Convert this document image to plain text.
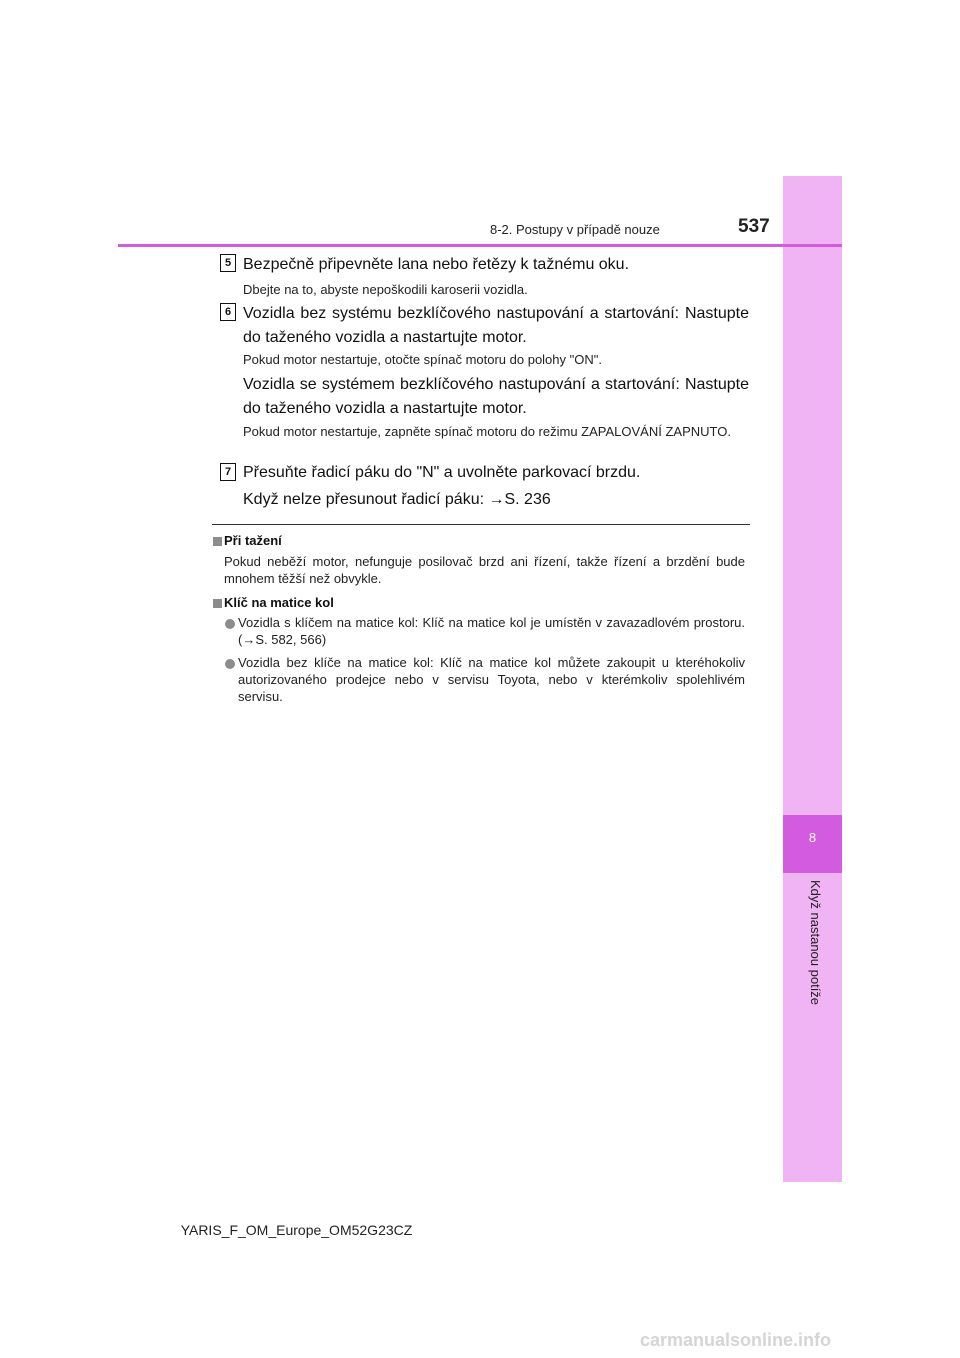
8
Když nastanou potíže
8-2. Postupy v případě nouze	537
5 Bezpečně připevněte lana nebo řetězy k tažnému oku.
Dbejte na to, abyste nepoškodili karoserii vozidla.
6 Vozidla bez systému bezklíčového nastupování a startování: Nastupte do taženého vozidla a nastartujte motor.
Pokud motor nestartuje, otočte spínač motoru do polohy "ON".
Vozidla se systémem bezklíčového nastupování a startování: Nastupte do taženého vozidla a nastartujte motor.
Pokud motor nestartuje, zapněte spínač motoru do režimu ZAPALOVÁNÍ ZAPNUTO.
7 Přesuňte řadicí páku do "N" a uvolněte parkovací brzdu.
Když nelze přesunout řadicí páku: →S. 236
Při tažení
Pokud neběží motor, nefunguje posilovač brzd ani řízení, takže řízení a brzdění bude mnohem těžší než obvykle.
Klíč na matice kol
Vozidla s klíčem na matice kol: Klíč na matice kol je umístěn v zavazadlovém prostoru. (→S. 582, 566)
Vozidla bez klíče na matice kol: Klíč na matice kol můžete zakoupit u kteréhokoliv autorizovaného prodejce nebo v servisu Toyota, nebo v kterémkoliv spolehlivém servisu.
YARIS_F_OM_Europe_OM52G23CZ
carmanualsonline.info
